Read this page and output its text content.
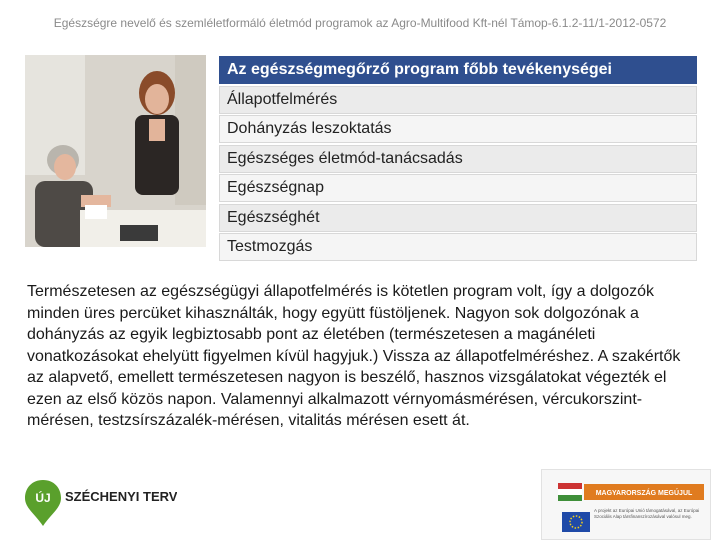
Egészségre nevelő és szemléletformáló életmód programok az Agro-Multifood Kft-nél Támop-6.1.2-11/1-2012-0572
Az egészségmegőrző program főbb tevékenységei
Állapotfelmérés
Dohányzás leszoktatás
Egészséges életmód-tanácsadás
Egészségnap
Egészséghét
Testmozgás
Természetesen az egészségügyi állapotfelmérés is kötetlen program volt, így a dolgozók minden üres percüket kihasználták, hogy együtt füstöljenek. Nagyon sok dolgozónak a dohányzás az egyik legbiztosabb pont az életében (természetesen a magánéleti vonatkozásokat ehelyütt figyelmen kívül hagyjuk.) Vissza az állapotfelméréshez. A szakértők az alapvető, emellett természetesen nagyon is beszélő, hasznos vizsgálatokat végezték el ezen az első közös napon. Valamennyi alkalmazott vérnyomásmérésen, vércukorszint-mérésen, testzsírszázalék-mérésen, vitalitás mérésen esett át.
ÚJ SZÉCHENYI TERV	MAGYARORSZÁG MEGÚJUL
A projekt az Európai Unió támogatásával, az Európai Szociális Alap társfinanszírozásával valósul meg.
